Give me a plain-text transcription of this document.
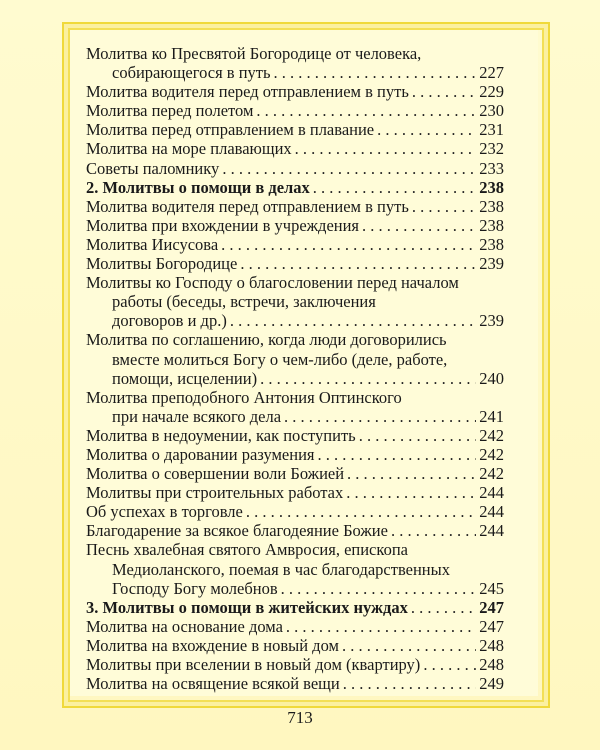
Молитва ко Пресвятой Богородице от человека,
собирающегося в путь . . .	227
Молитва водителя перед отправлением в путь . . .	229
Молитва перед полетом . . .	230
Молитва перед отправлением в плавание . . .	231
Молитва на море плавающих . . .	232
Советы паломнику . . .	233
2. Молитвы о помощи в делах . . .	238
Молитва водителя перед отправлением в путь . . .	238
Молитва при вхождении в учреждения . . .	238
Молитва Иисусова . . .	238
Молитвы Богородице . . .	239
Молитвы ко Господу о благословении перед началом
работы (беседы, встречи, заключения
договоров и др.) . . .	239
Молитва по соглашению, когда люди договорились
вместе молиться Богу о чем-либо (деле, работе,
помощи, исцелении) . . .	240
Молитва преподобного Антония Оптинского
при начале всякого дела . . .	241
Молитва в недоумении, как поступить . . .	242
Молитва о даровании разумения . . .	242
Молитва о совершении воли Божией . . .	242
Молитвы при строительных работах . . .	244
Об успехах в торговле . . .	244
Благодарение за всякое благодеяние Божие . . .	244
Песнь хвалебная святого Амвросия, епископа
Медиоланского, поемая в час благодарственных
Господу Богу молебнов . . .	245
3. Молитвы о помощи в житейских нуждах . . .	247
Молитва на основание дома . . .	247
Молитва на вхождение в новый дом . . .	248
Молитвы при вселении в новый дом (квартиру) . . .	248
Молитва на освящение всякой вещи . . .	249
713
